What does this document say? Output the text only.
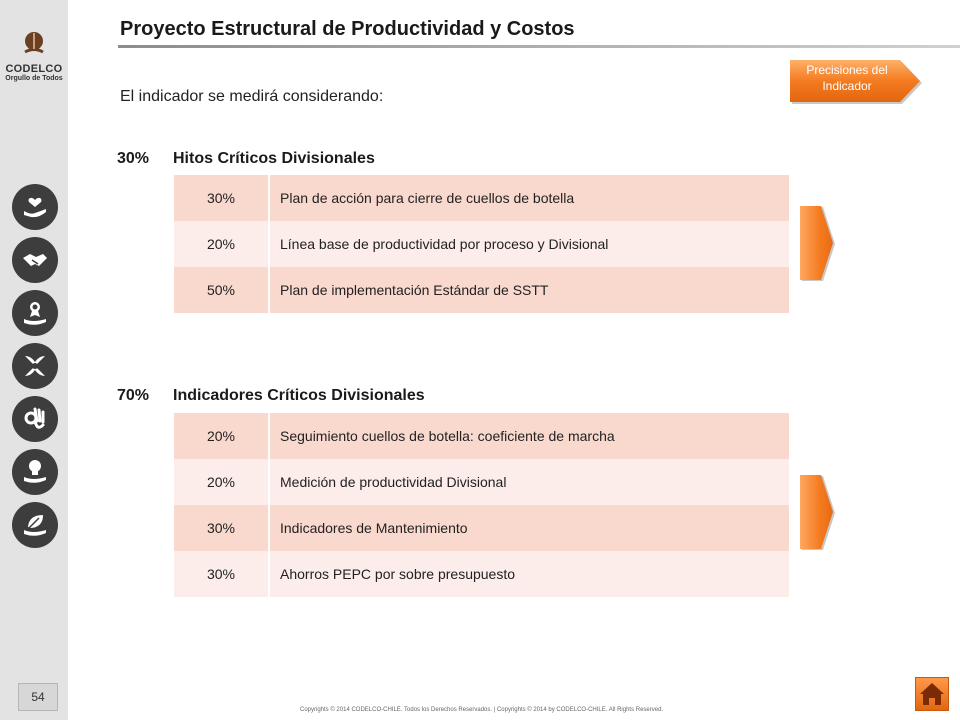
CODELCO
Orgullo de Todos
54
Proyecto Estructural de Productividad y Costos
El indicador se medirá considerando:
Precisiones del
Indicador
30% Hitos Críticos Divisionales
30%	Plan de acción para cierre de cuellos de botella
20%	Línea base de productividad por proceso y Divisional
50%	Plan de implementación Estándar de SSTT
70% Indicadores Críticos Divisionales
20%	Seguimiento cuellos de botella: coeficiente de marcha
20%	Medición de productividad Divisional
30%	Indicadores de Mantenimiento
30%	Ahorros PEPC por sobre presupuesto
Copyrights © 2014 CODELCO-CHILE. Todos los Derechos Reservados. | Copyrights © 2014 by CODELCO-CHILE. All Rights Reserved.
